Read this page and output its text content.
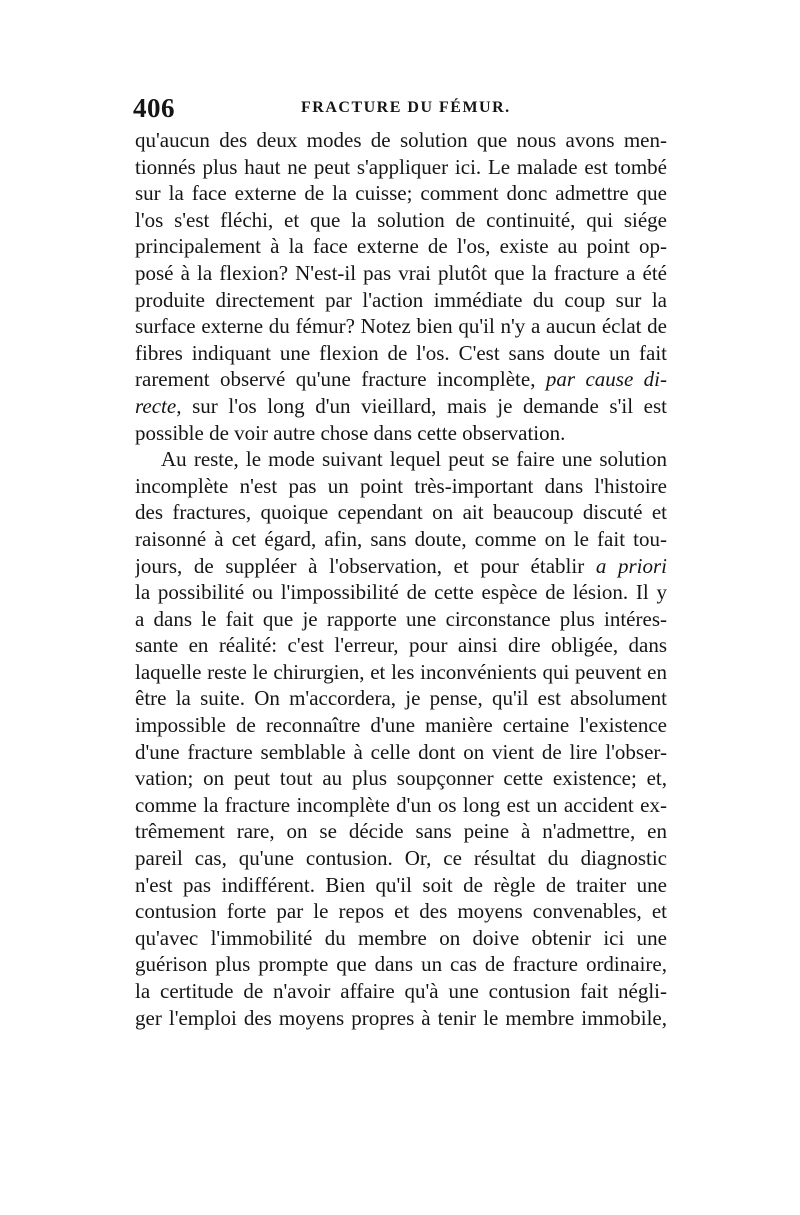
406	FRACTURE DU FÉMUR.
qu'aucun des deux modes de solution que nous avons men-
tionnés plus haut ne peut s'appliquer ici. Le malade est tombé
sur la face externe de la cuisse; comment donc admettre que
l'os s'est fléchi, et que la solution de continuité, qui siége
principalement à la face externe de l'os, existe au point op-
posé à la flexion? N'est-il pas vrai plutôt que la fracture a été
produite directement par l'action immédiate du coup sur la
surface externe du fémur? Notez bien qu'il n'y a aucun éclat de
fibres indiquant une flexion de l'os. C'est sans doute un fait
rarement observé qu'une fracture incomplète, par cause di-
recte, sur l'os long d'un vieillard, mais je demande s'il est
possible de voir autre chose dans cette observation.
Au reste, le mode suivant lequel peut se faire une solution
incomplète n'est pas un point très-important dans l'histoire
des fractures, quoique cependant on ait beaucoup discuté et
raisonné à cet égard, afin, sans doute, comme on le fait tou-
jours, de suppléer à l'observation, et pour établir a priori
la possibilité ou l'impossibilité de cette espèce de lésion. Il y
a dans le fait que je rapporte une circonstance plus intéres-
sante en réalité: c'est l'erreur, pour ainsi dire obligée, dans
laquelle reste le chirurgien, et les inconvénients qui peuvent en
être la suite. On m'accordera, je pense, qu'il est absolument
impossible de reconnaître d'une manière certaine l'existence
d'une fracture semblable à celle dont on vient de lire l'obser-
vation; on peut tout au plus soupçonner cette existence; et,
comme la fracture incomplète d'un os long est un accident ex-
trêmement rare, on se décide sans peine à n'admettre, en
pareil cas, qu'une contusion. Or, ce résultat du diagnostic
n'est pas indifférent. Bien qu'il soit de règle de traiter une
contusion forte par le repos et des moyens convenables, et
qu'avec l'immobilité du membre on doive obtenir ici une
guérison plus prompte que dans un cas de fracture ordinaire,
la certitude de n'avoir affaire qu'à une contusion fait négli-
ger l'emploi des moyens propres à tenir le membre immobile,
